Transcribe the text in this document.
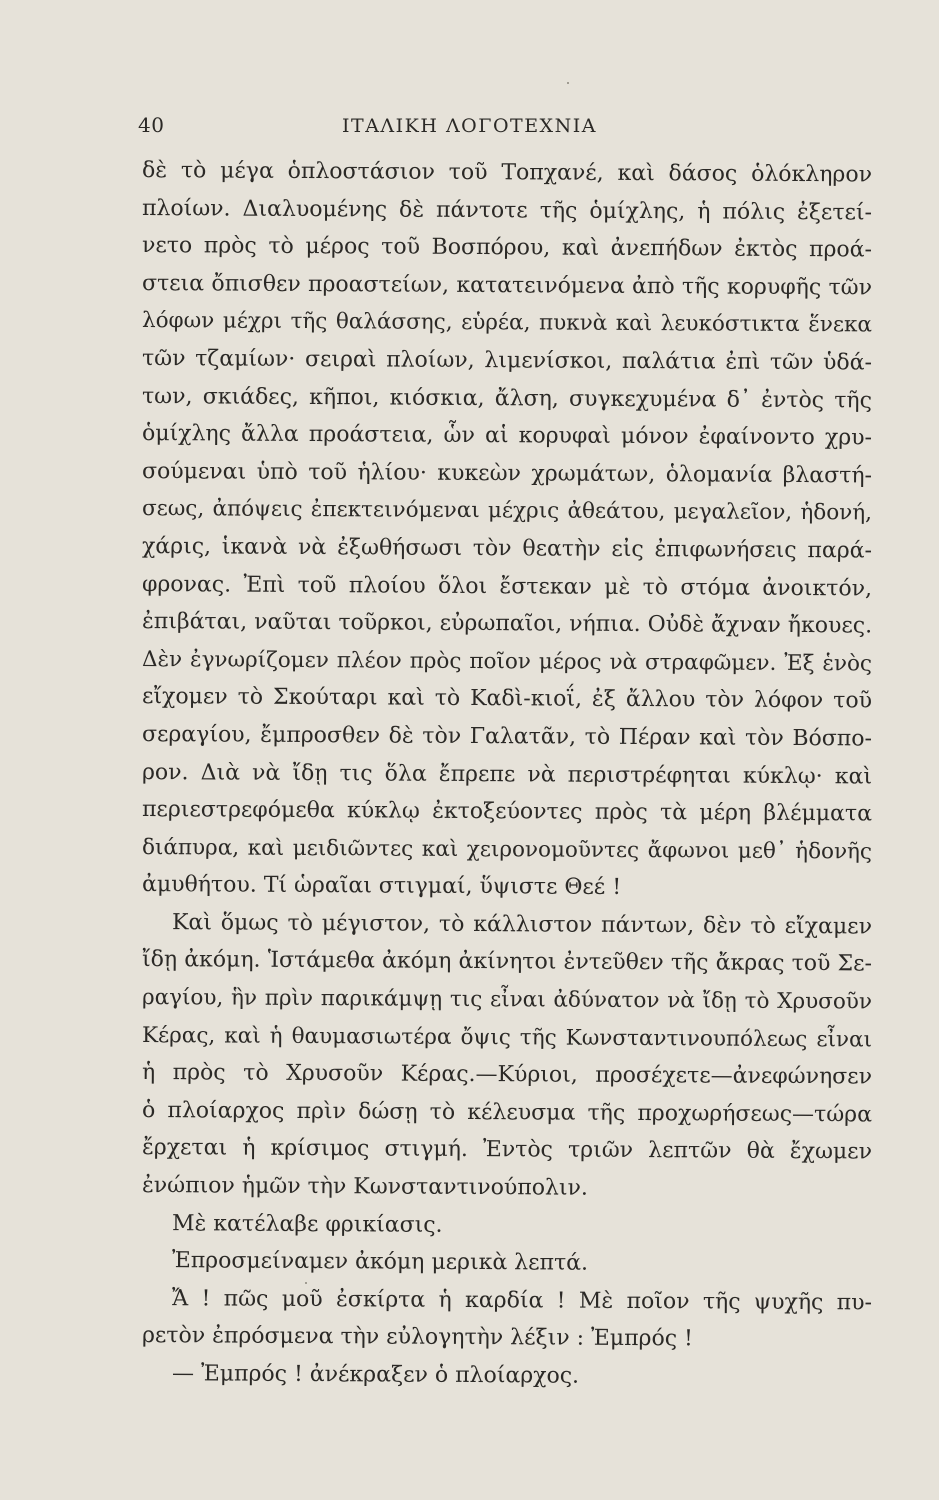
40	ΙΤΑΛΙΚΗ ΛΟΓΟΤΕΧΝΙΑ
δὲ τὸ μέγα ὁπλοστάσιον τοῦ Τοπχανέ, καὶ δάσος ὁλόκληρον
πλοίων. Διαλυομένης δὲ πάντοτε τῆς ὁμίχλης, ἡ πόλις ἐξετεί-
νετο πρὸς τὸ μέρος τοῦ Βοσπόρου, καὶ ἀνεπήδων ἐκτὸς προά-
στεια ὄπισθεν προαστείων, κατατεινόμενα ἀπὸ τῆς κορυφῆς τῶν
λόφων μέχρι τῆς θαλάσσης, εὑρέα, πυκνὰ καὶ λευκόστικτα ἕνεκα
τῶν τζαμίων· σειραὶ πλοίων, λιμενίσκοι, παλάτια ἐπὶ τῶν ὑδά-
των, σκιάδες, κῆποι, κιόσκια, ἄλση, συγκεχυμένα δ᾽ ἐντὸς τῆς
ὁμίχλης ἄλλα προάστεια, ὧν αἱ κορυφαὶ μόνον ἐφαίνοντο χρυ-
σούμεναι ὑπὸ τοῦ ἡλίου· κυκεὼν χρωμάτων, ὁλομανία βλαστή-
σεως, ἀπόψεις ἐπεκτεινόμεναι μέχρις ἀθεάτου, μεγαλεῖον, ἡδονή,
χάρις, ἱκανὰ νὰ ἐξωθήσωσι τὸν θεατὴν εἰς ἐπιφωνήσεις παρά-
φρονας. Ἐπὶ τοῦ πλοίου ὅλοι ἔστεκαν μὲ τὸ στόμα ἀνοικτόν,
ἐπιβάται, ναῦται τοῦρκοι, εὐρωπαῖοι, νήπια. Οὐδὲ ἄχναν ἤκουες.
Δὲν ἐγνωρίζομεν πλέον πρὸς ποῖον μέρος νὰ στραφῶμεν. Ἐξ ἑνὸς
εἴχομεν τὸ Σκούταρι καὶ τὸ Καδὶ-κιοΐ, ἐξ ἄλλου τὸν λόφον τοῦ
σεραγίου, ἔμπροσθεν δὲ τὸν Γαλατᾶν, τὸ Πέραν καὶ τὸν Βόσπο-
ρον. Διὰ νὰ ἴδῃ τις ὅλα ἔπρεπε νὰ περιστρέφηται κύκλῳ· καὶ
περιεστρεφόμεθα κύκλῳ ἐκτοξεύοντες πρὸς τὰ μέρη βλέμματα
διάπυρα, καὶ μειδιῶντες καὶ χειρονομοῦντες ἄφωνοι μεθ᾽ ἡδονῆς
ἀμυθήτου. Τί ὡραῖαι στιγμαί, ὕψιστε Θεέ !
Καὶ ὅμως τὸ μέγιστον, τὸ κάλλιστον πάντων, δὲν τὸ εἴχαμεν
ἴδῃ ἀκόμη. Ἱστάμεθα ἀκόμη ἀκίνητοι ἐντεῦθεν τῆς ἄκρας τοῦ Σε-
ραγίου, ἣν πρὶν παρικάμψῃ τις εἶναι ἀδύνατον νὰ ἴδῃ τὸ Χρυσοῦν
Κέρας, καὶ ἡ θαυμασιωτέρα ὄψις τῆς Κωνσταντινουπόλεως εἶναι
ἡ πρὸς τὸ Χρυσοῦν Κέρας.—Κύριοι, προσέχετε—ἀνεφώνησεν
ὁ πλοίαρχος πρὶν δώσῃ τὸ κέλευσμα τῆς προχωρήσεως—τώρα
ἔρχεται ἡ κρίσιμος στιγμή. Ἐντὸς τριῶν λεπτῶν θὰ ἔχωμεν
ἐνώπιον ἡμῶν τὴν Κωνσταντινούπολιν.
Μὲ κατέλαβε φρικίασις.
Ἐπροσμείναμεν ἀκόμη μερικὰ λεπτά.
Ἄ ! πῶς μοῦ ἐσκίρτα ἡ καρδία ! Μὲ ποῖον τῆς ψυχῆς πυ-
ρετὸν ἐπρόσμενα τὴν εὐλογητὴν λέξιν : Ἐμπρός !
— Ἐμπρός ! ἀνέκραξεν ὁ πλοίαρχος.
